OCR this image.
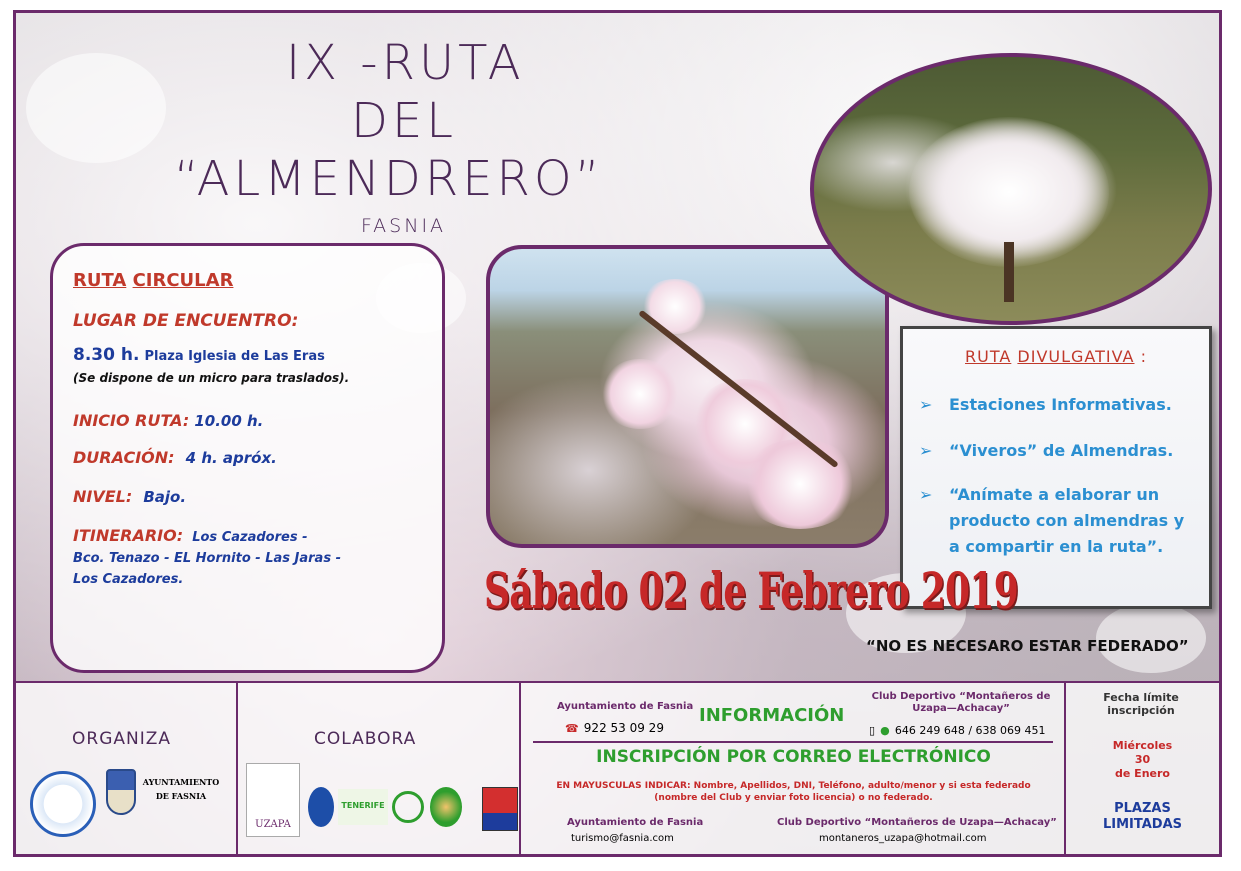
IX -RUTA
DEL
“ALMENDRERO”
FASNIA
RUTA CIRCULAR
LUGAR DE ENCUENTRO:
8.30 h. Plaza Iglesia de Las Eras
(Se dispone de un micro para traslados).
INICIO RUTA: 10.00 h.
DURACIÓN: 4 h. apróx.
NIVEL: Bajo.
ITINERARIO: Los Cazadores -
Bco. Tenazo - EL Hornito - Las Jaras -
Los Cazadores.
RUTA DIVULGATIVA :
➢ Estaciones Informativas.
➢ “Viveros” de Almendras.
➢ “Anímate a elaborar un producto con almendras y a compartir en la ruta”.
Sábado 02 de Febrero 2019
“NO ES NECESARO ESTAR FEDERADO”
ORGANIZA
AYUNTAMIENTO DE FASNIA
COLABORA
UZAPA
TENERIFE
Ayuntamiento de Fasnia
☎ 922 53 09 29
INFORMACIÓN
Club Deportivo “Montañeros de Uzapa—Achacay”
▯ ● 646 249 648 / 638 069 451
INSCRIPCIÓN POR CORREO ELECTRÓNICO
EN MAYUSCULAS INDICAR: Nombre, Apellidos, DNI, Teléfono, adulto/menor y si esta federado
(nombre del Club y enviar foto licencia) o no federado.
Ayuntamiento de Fasnia
turismo@fasnia.com
Club Deportivo “Montañeros de Uzapa—Achacay”
montaneros_uzapa@hotmail.com
Fecha límite inscripción
Miércoles
30
de Enero
PLAZAS
LIMITADAS
